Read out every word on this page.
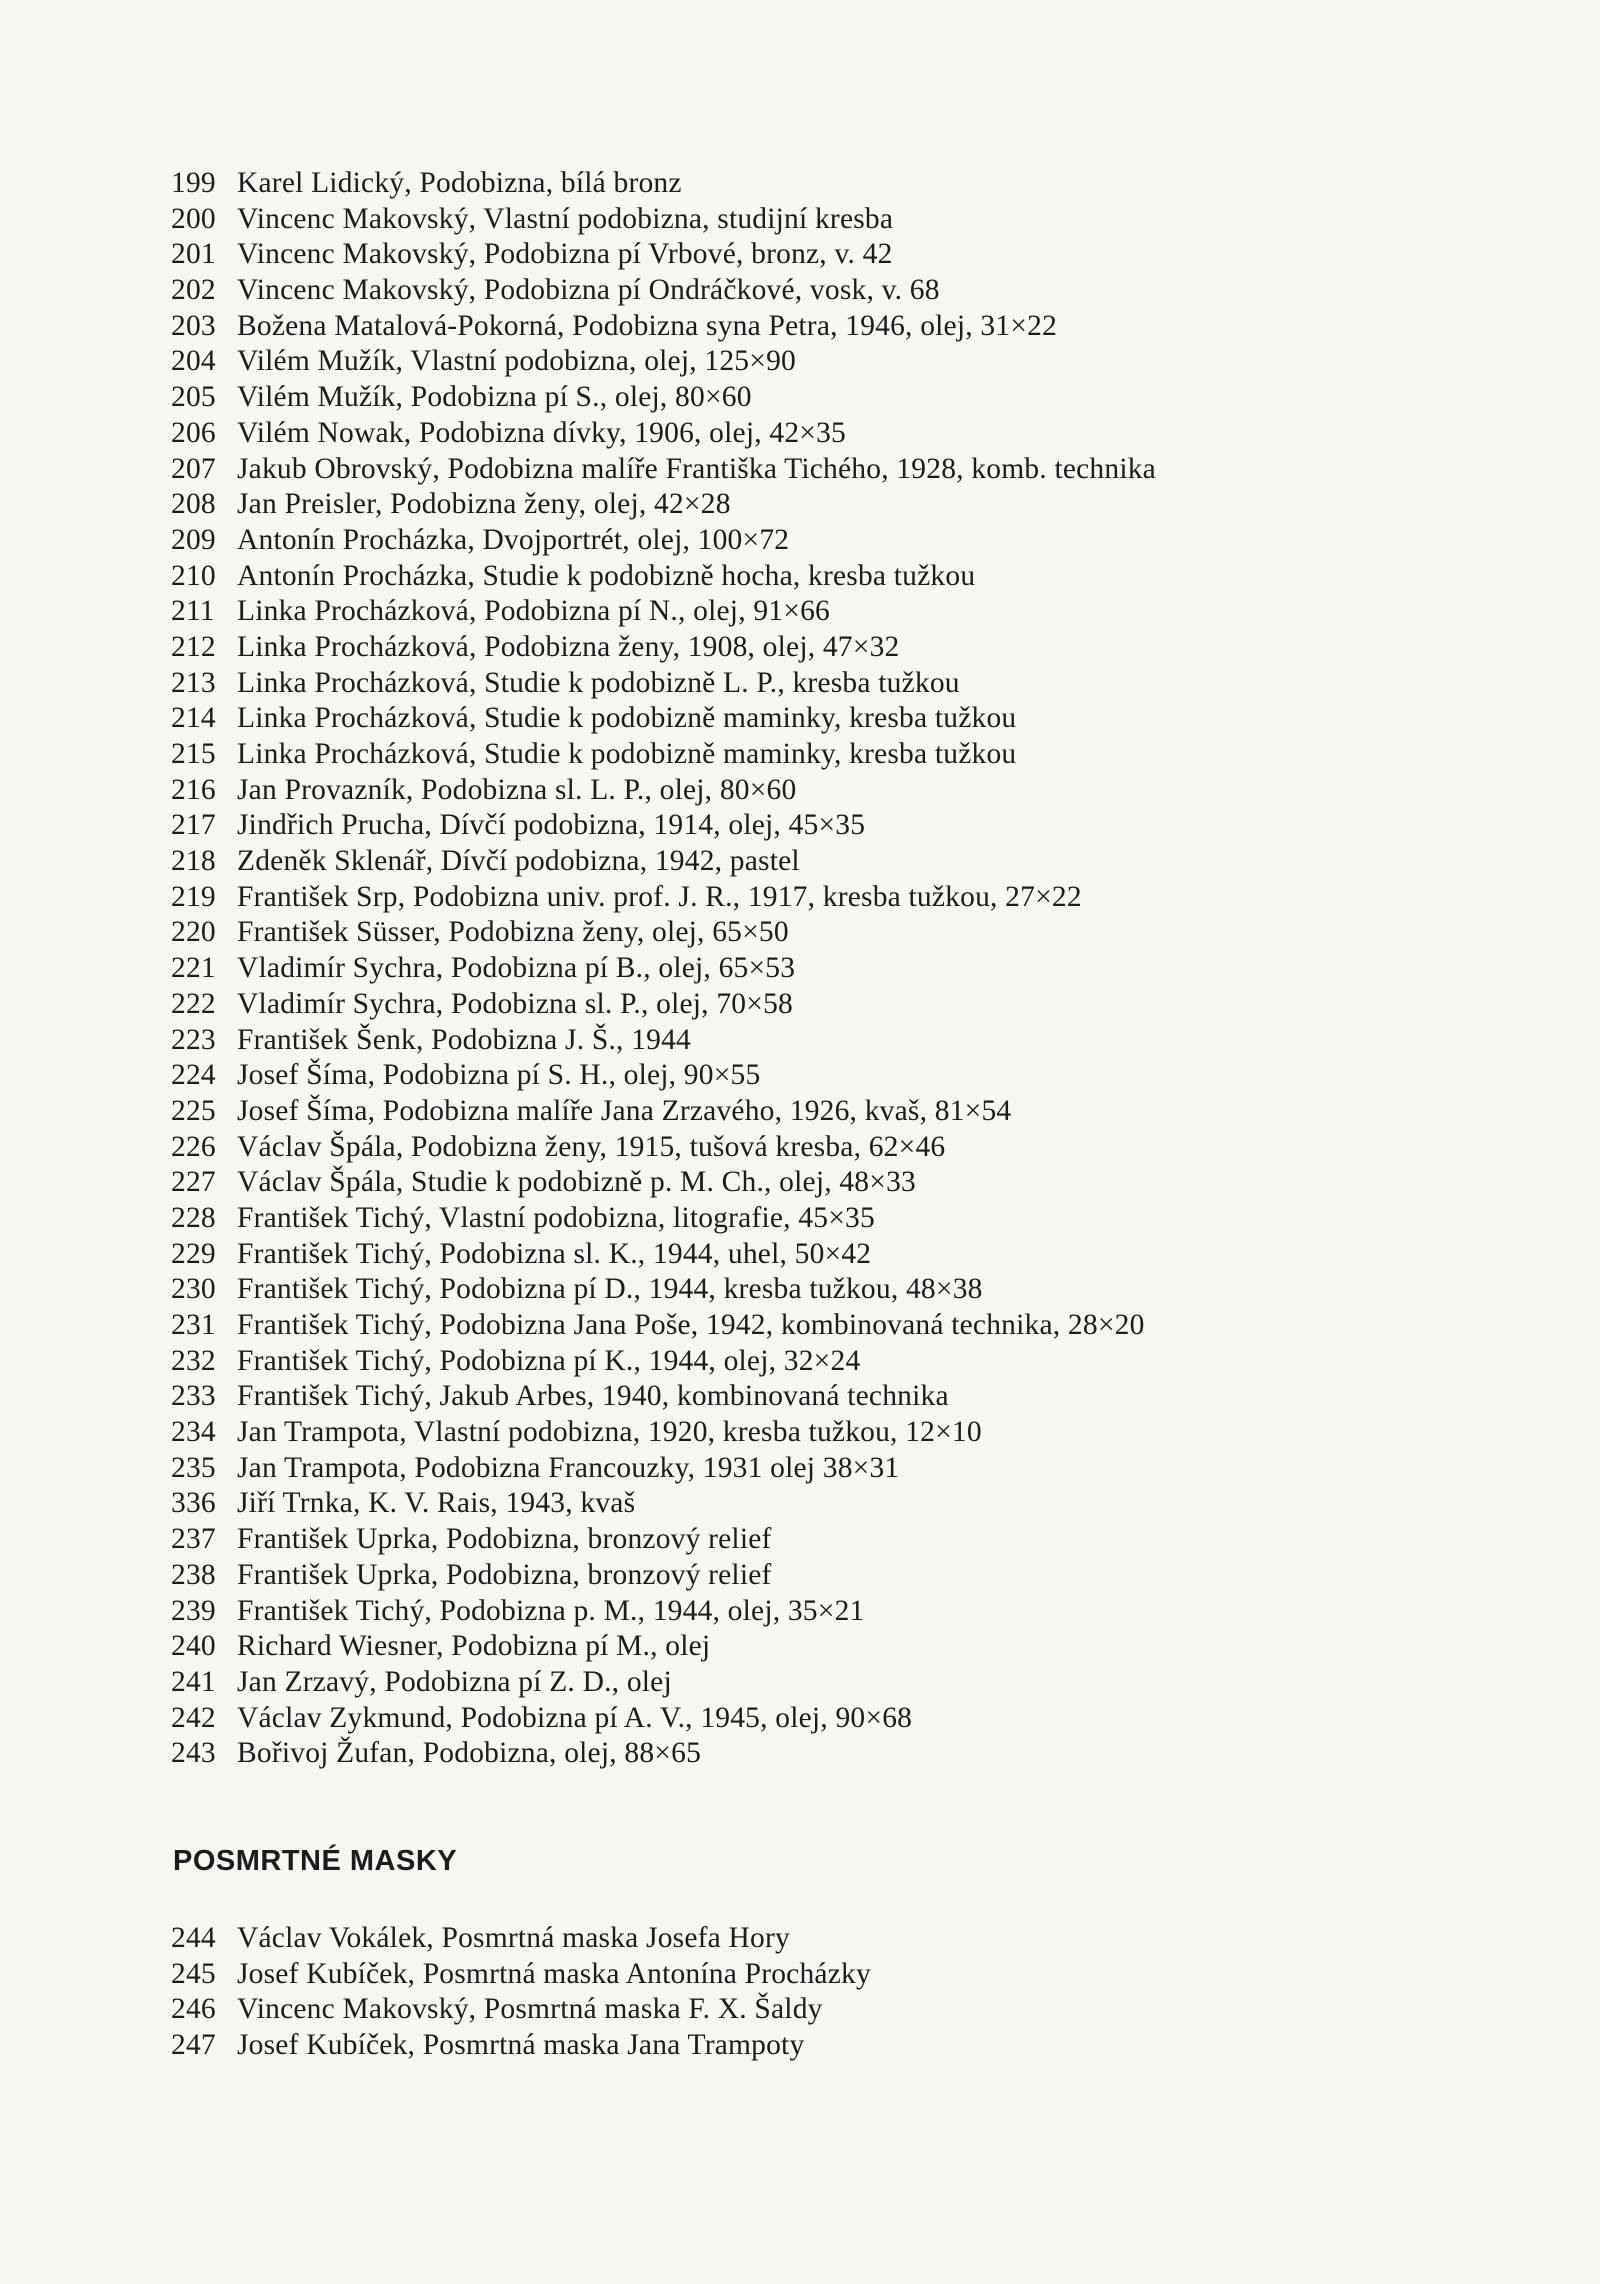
199 Karel Lidický, Podobizna, bílá bronz
200 Vincenc Makovský, Vlastní podobizna, studijní kresba
201 Vincenc Makovský, Podobizna pí Vrbové, bronz, v. 42
202 Vincenc Makovský, Podobizna pí Ondráčkové, vosk, v. 68
203 Božena Matalová-Pokorná, Podobizna syna Petra, 1946, olej, 31×22
204 Vilém Mužík, Vlastní podobizna, olej, 125×90
205 Vilém Mužík, Podobizna pí S., olej, 80×60
206 Vilém Nowak, Podobizna dívky, 1906, olej, 42×35
207 Jakub Obrovský, Podobizna malíře Františka Tichého, 1928, komb. technika
208 Jan Preisler, Podobizna ženy, olej, 42×28
209 Antonín Procházka, Dvojportrét, olej, 100×72
210 Antonín Procházka, Studie k podobizně hocha, kresba tužkou
211 Linka Procházková, Podobizna pí N., olej, 91×66
212 Linka Procházková, Podobizna ženy, 1908, olej, 47×32
213 Linka Procházková, Studie k podobizně L. P., kresba tužkou
214 Linka Procházková, Studie k podobizně maminky, kresba tužkou
215 Linka Procházková, Studie k podobizně maminky, kresba tužkou
216 Jan Provazník, Podobizna sl. L. P., olej, 80×60
217 Jindřich Prucha, Dívčí podobizna, 1914, olej, 45×35
218 Zdeněk Sklenář, Dívčí podobizna, 1942, pastel
219 František Srp, Podobizna univ. prof. J. R., 1917, kresba tužkou, 27×22
220 František Süsser, Podobizna ženy, olej, 65×50
221 Vladimír Sychra, Podobizna pí B., olej, 65×53
222 Vladimír Sychra, Podobizna sl. P., olej, 70×58
223 František Šenk, Podobizna J. Š., 1944
224 Josef Šíma, Podobizna pí S. H., olej, 90×55
225 Josef Šíma, Podobizna malíře Jana Zrzavého, 1926, kvaš, 81×54
226 Václav Špála, Podobizna ženy, 1915, tušová kresba, 62×46
227 Václav Špála, Studie k podobizně p. M. Ch., olej, 48×33
228 František Tichý, Vlastní podobizna, litografie, 45×35
229 František Tichý, Podobizna sl. K., 1944, uhel, 50×42
230 František Tichý, Podobizna pí D., 1944, kresba tužkou, 48×38
231 František Tichý, Podobizna Jana Poše, 1942, kombinovaná technika, 28×20
232 František Tichý, Podobizna pí K., 1944, olej, 32×24
233 František Tichý, Jakub Arbes, 1940, kombinovaná technika
234 Jan Trampota, Vlastní podobizna, 1920, kresba tužkou, 12×10
235 Jan Trampota, Podobizna Francouzky, 1931 olej 38×31
336 Jiří Trnka, K. V. Rais, 1943, kvaš
237 František Uprka, Podobizna, bronzový relief
238 František Uprka, Podobizna, bronzový relief
239 František Tichý, Podobizna p. M., 1944, olej, 35×21
240 Richard Wiesner, Podobizna pí M., olej
241 Jan Zrzavý, Podobizna pí Z. D., olej
242 Václav Zykmund, Podobizna pí A. V., 1945, olej, 90×68
243 Bořivoj Žufan, Podobizna, olej, 88×65
POSMRTNÉ MASKY
244 Václav Vokálek, Posmrtná maska Josefa Hory
245 Josef Kubíček, Posmrtná maska Antonína Procházky
246 Vincenc Makovský, Posmrtná maska F. X. Šaldy
247 Josef Kubíček, Posmrtná maska Jana Trampoty
